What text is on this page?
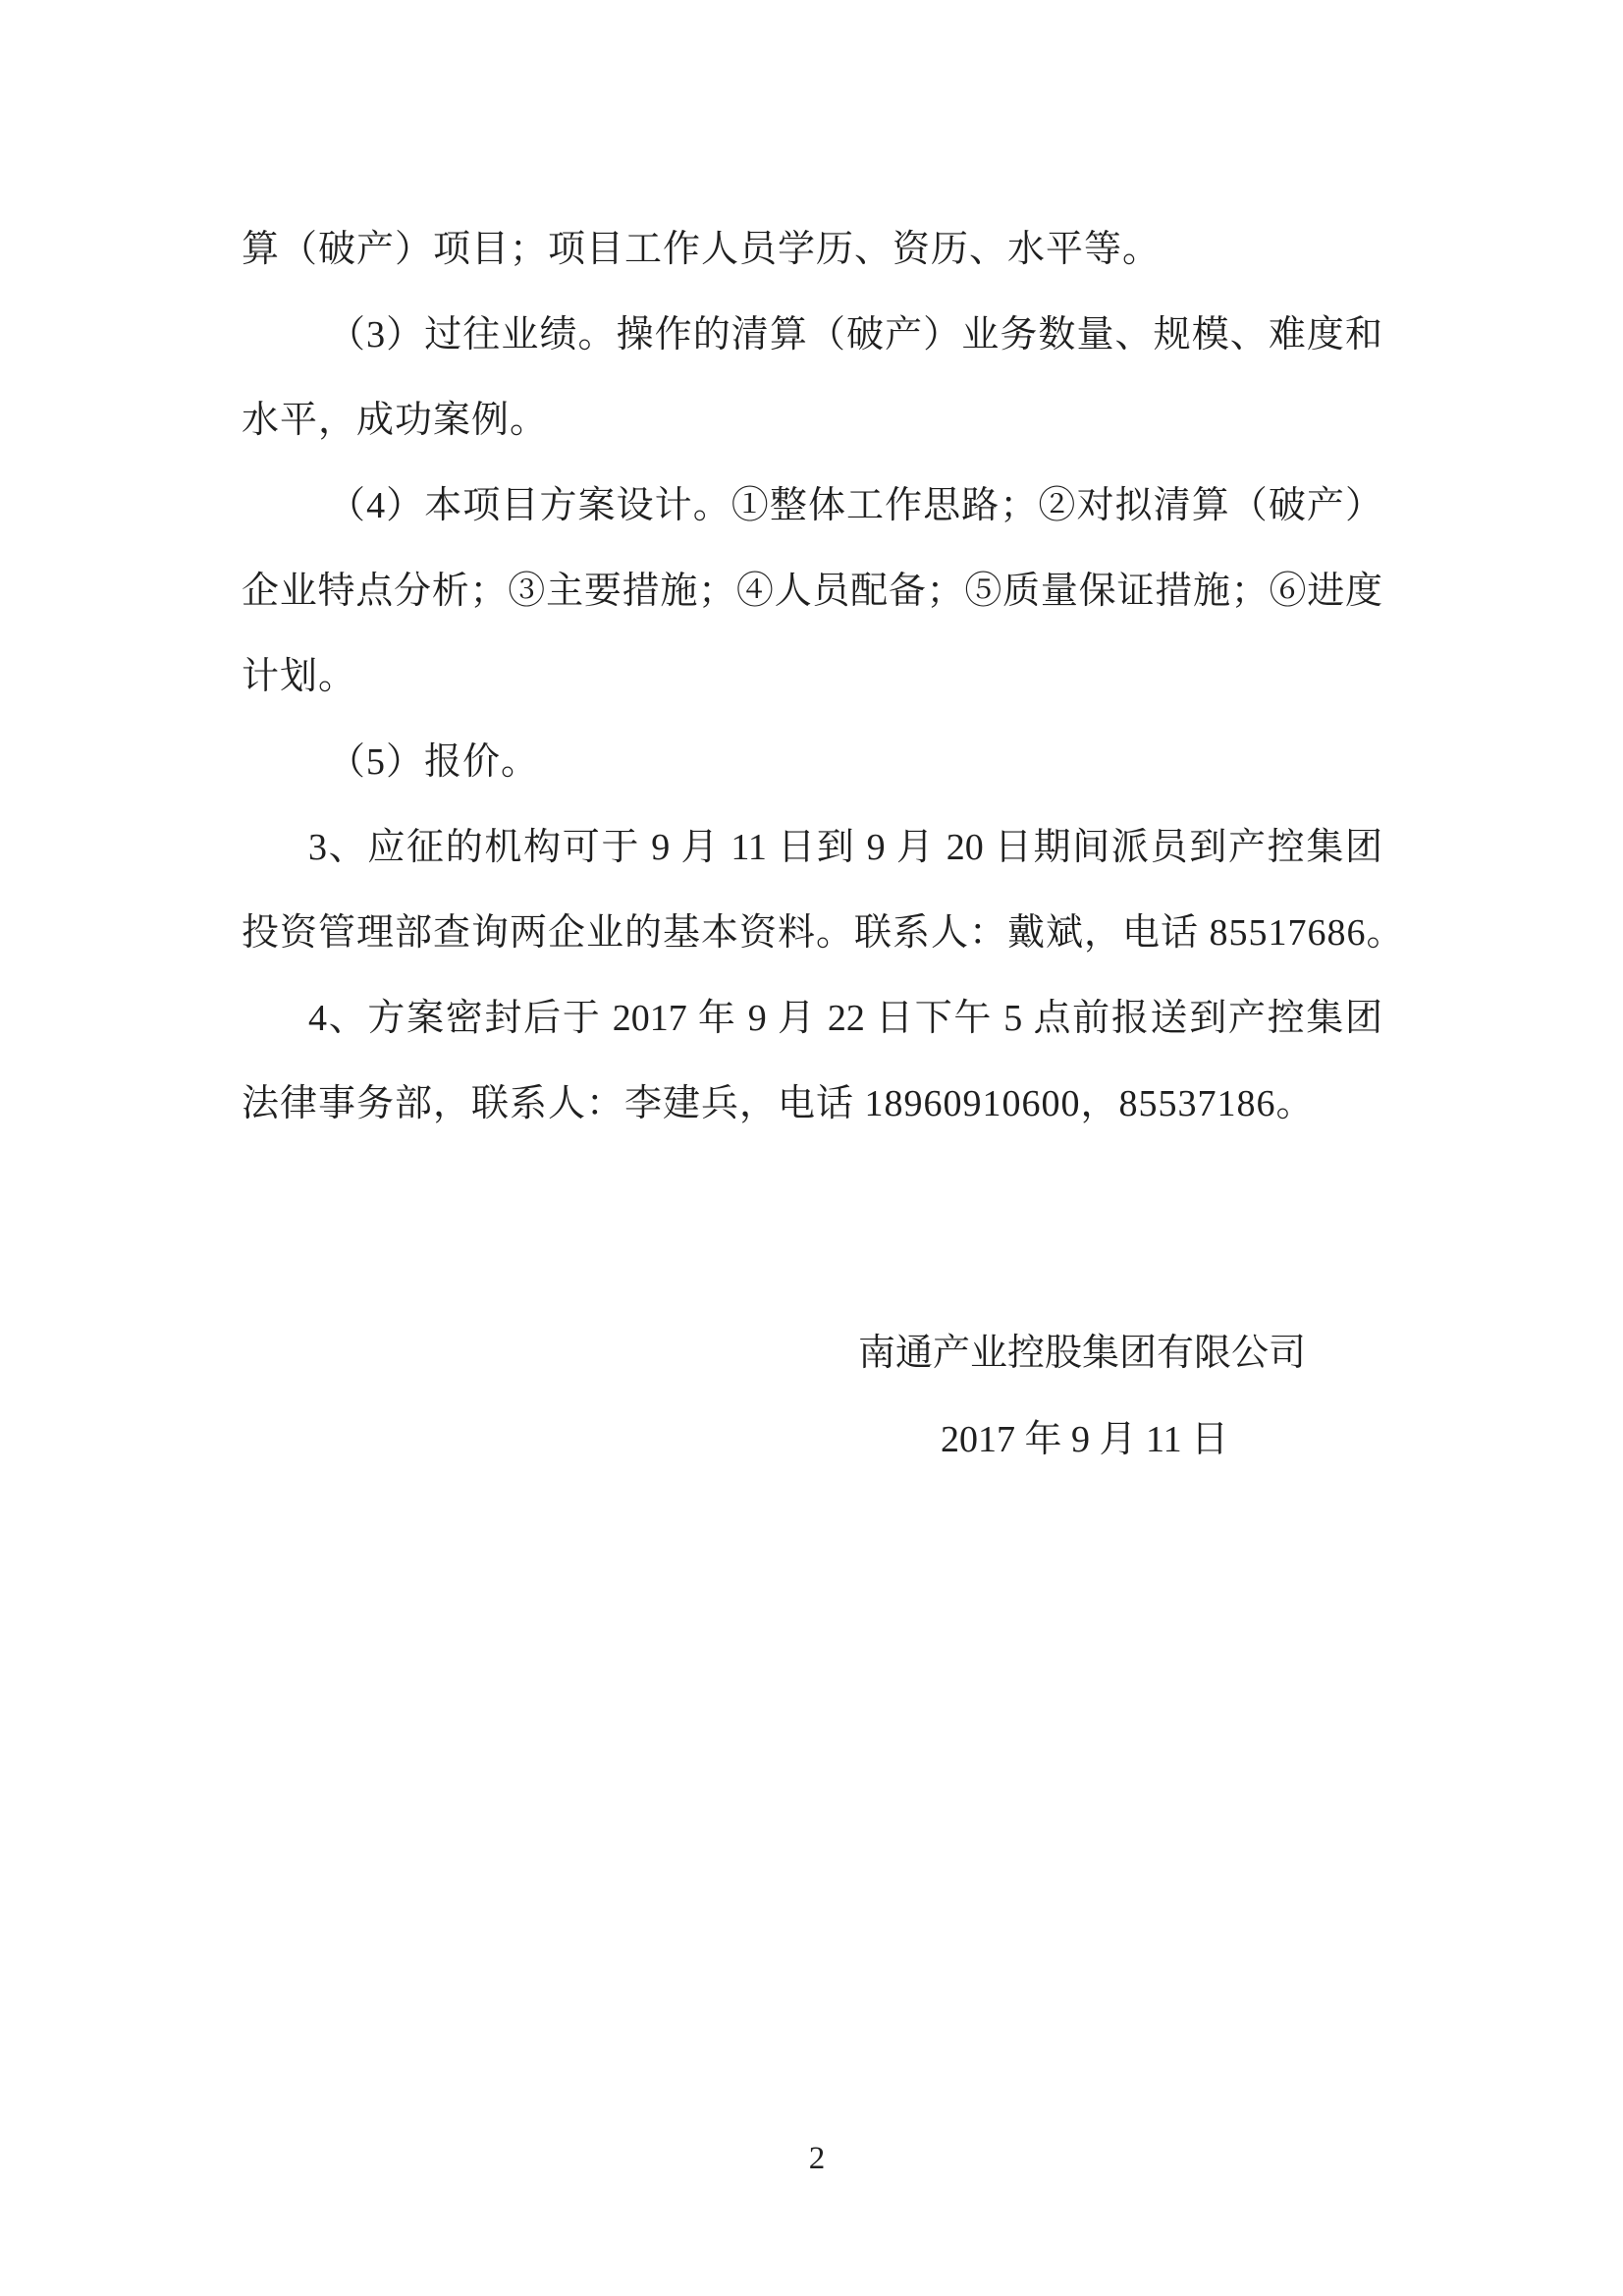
算（破产）项目；项目工作人员学历、资历、水平等。
（3）过往业绩。操作的清算（破产）业务数量、规模、难度和
水平，成功案例。
（4）本项目方案设计。①整体工作思路；②对拟清算（破产）
企业特点分析；③主要措施；④人员配备；⑤质量保证措施；⑥进度
计划。
（5）报价。
3、应征的机构可于 9 月 11 日到 9 月 20 日期间派员到产控集团
投资管理部查询两企业的基本资料。联系人：戴斌，电话 85517686。
4、方案密封后于 2017 年 9 月 22 日下午 5 点前报送到产控集团
法律事务部，联系人：李建兵，电话 18960910600，85537186。
南通产业控股集团有限公司
2017 年 9 月 11 日
2
